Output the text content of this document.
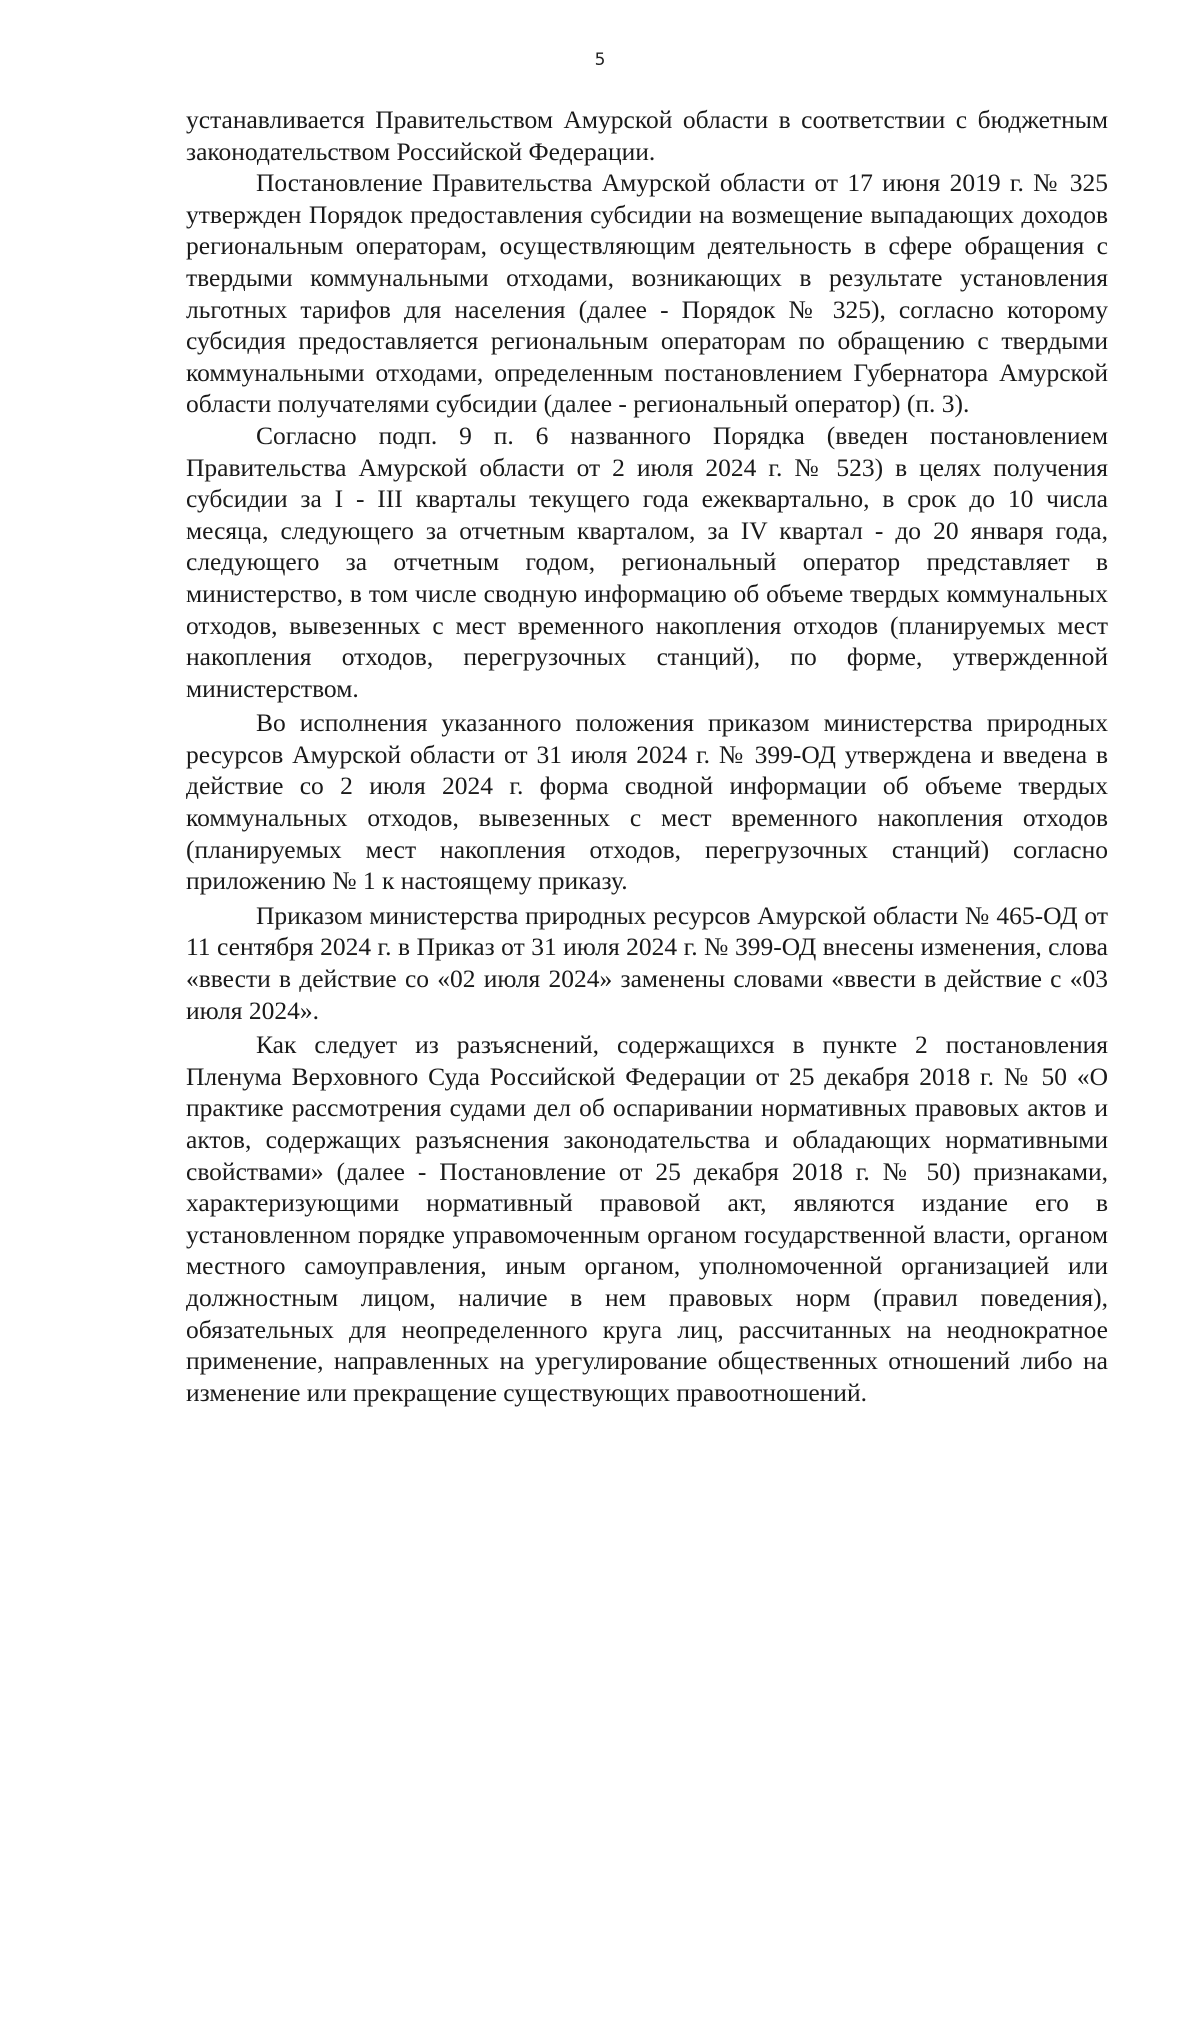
5

устанавливается Правительством Амурской области в соответствии с бюджетным законодательством Российской Федерации.

Постановление Правительства Амурской области от 17 июня 2019 г. № 325 утвержден Порядок предоставления субсидии на возмещение выпадающих доходов региональным операторам, осуществляющим деятельность в сфере обращения с твердыми коммунальными отходами, возникающих в результате установления льготных тарифов для населения (далее - Порядок № 325), согласно которому субсидия предоставляется региональным операторам по обращению с твердыми коммунальными отходами, определенным постановлением Губернатора Амурской области получателями субсидии (далее - региональный оператор) (п. 3).

Согласно подп. 9 п. 6 названного Порядка (введен постановлением Правительства Амурской области от 2 июля 2024 г. № 523) в целях получения субсидии за I - III кварталы текущего года ежеквартально, в срок до 10 числа месяца, следующего за отчетным кварталом, за IV квартал - до 20 января года, следующего за отчетным годом, региональный оператор представляет в министерство, в том числе сводную информацию об объеме твердых коммунальных отходов, вывезенных с мест временного накопления отходов (планируемых мест накопления отходов, перегрузочных станций), по форме, утвержденной министерством.

Во исполнения указанного положения приказом министерства природных ресурсов Амурской области от 31 июля 2024 г. № 399-ОД утверждена и введена в действие со 2 июля 2024 г. форма сводной информации об объеме твердых коммунальных отходов, вывезенных с мест временного накопления отходов (планируемых мест накопления отходов, перегрузочных станций) согласно приложению № 1 к настоящему приказу.

Приказом министерства природных ресурсов Амурской области № 465-ОД от 11 сентября 2024 г. в Приказ от 31 июля 2024 г. № 399-ОД внесены изменения, слова «ввести в действие со «02 июля 2024» заменены словами «ввести в действие с «03 июля 2024».

Как следует из разъяснений, содержащихся в пункте 2 постановления Пленума Верховного Суда Российской Федерации от 25 декабря 2018 г. № 50 «О практике рассмотрения судами дел об оспаривании нормативных правовых актов и актов, содержащих разъяснения законодательства и обладающих нормативными свойствами» (далее - Постановление от 25 декабря 2018 г. № 50) признаками, характеризующими нормативный правовой акт, являются издание его в установленном порядке управомоченным органом государственной власти, органом местного самоуправления, иным органом, уполномоченной организацией или должностным лицом, наличие в нем правовых норм (правил поведения), обязательных для неопределенного круга лиц, рассчитанных на неоднократное применение, направленных на урегулирование общественных отношений либо на изменение или прекращение существующих правоотношений.
